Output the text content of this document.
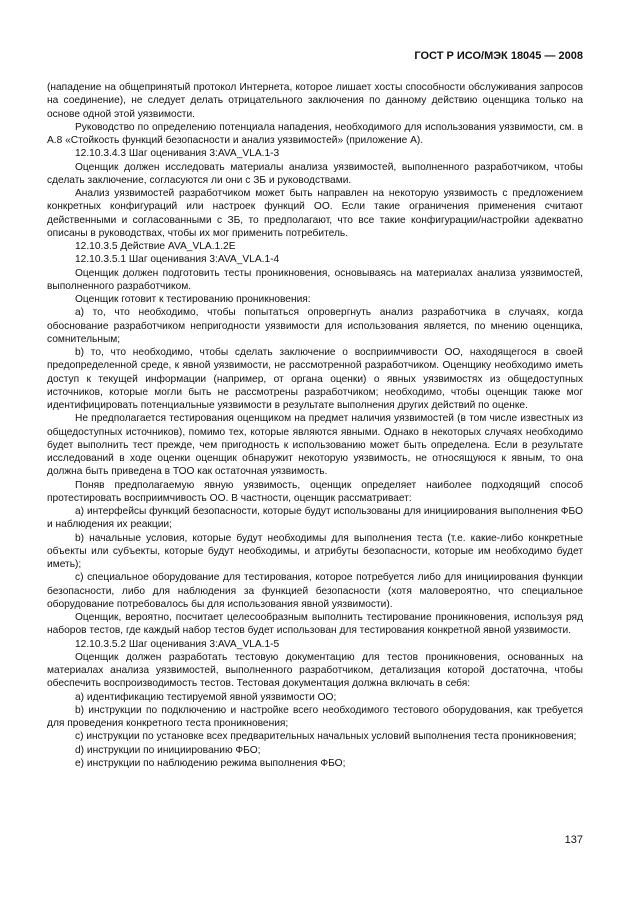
ГОСТ Р ИСО/МЭК 18045 — 2008

(нападение на общепринятый протокол Интернета, которое лишает хосты способности обслуживания запросов на соединение), не следует делать отрицательного заключения по данному действию оценщика только на основе одной этой уязвимости.

Руководство по определению потенциала нападения, необходимого для использования уязвимости, см. в А.8 «Стойкость функций безопасности и анализ уязвимостей» (приложение А).

12.10.3.4.3 Шаг оценивания 3:AVA_VLA.1-3

Оценщик должен исследовать материалы анализа уязвимостей, выполненного разработчиком, чтобы сделать заключение, согласуются ли они с ЗБ и руководствами.

Анализ уязвимостей разработчиком может быть направлен на некоторую уязвимость с предложением конкретных конфигураций или настроек функций ОО. Если такие ограничения применения считают действенными и согласованными с ЗБ, то предполагают, что все такие конфигурации/настройки адекватно описаны в руководствах, чтобы их мог применить потребитель.

12.10.3.5 Действие AVA_VLA.1.2E

12.10.3.5.1 Шаг оценивания 3:AVA_VLA.1-4

Оценщик должен подготовить тесты проникновения, основываясь на материалах анализа уязвимостей, выполненного разработчиком.

Оценщик готовит к тестированию проникновения:

a) то, что необходимо, чтобы попытаться опровергнуть анализ разработчика в случаях, когда обоснование разработчиком непригодности уязвимости для использования является, по мнению оценщика, сомнительным;

b) то, что необходимо, чтобы сделать заключение о восприимчивости ОО, находящегося в своей предопределенной среде, к явной уязвимости, не рассмотренной разработчиком. Оценщику необходимо иметь доступ к текущей информации (например, от органа оценки) о явных уязвимостях из общедоступных источников, которые могли быть не рассмотрены разработчиком; необходимо, чтобы оценщик также мог идентифицировать потенциальные уязвимости в результате выполнения других действий по оценке.

Не предполагается тестирования оценщиком на предмет наличия уязвимостей (в том числе известных из общедоступных источников), помимо тех, которые являются явными. Однако в некоторых случаях необходимо будет выполнить тест прежде, чем пригодность к использованию может быть определена. Если в результате исследований в ходе оценки оценщик обнаружит некоторую уязвимость, не относящуюся к явным, то она должна быть приведена в ТОО как остаточная уязвимость.

Поняв предполагаемую явную уязвимость, оценщик определяет наиболее подходящий способ протестировать восприимчивость ОО. В частности, оценщик рассматривает:

a) интерфейсы функций безопасности, которые будут использованы для инициирования выполнения ФБО и наблюдения их реакции;

b) начальные условия, которые будут необходимы для выполнения теста (т.е. какие-либо конкретные объекты или субъекты, которые будут необходимы, и атрибуты безопасности, которые им необходимо будет иметь);

c) специальное оборудование для тестирования, которое потребуется либо для инициирования функции безопасности, либо для наблюдения за функцией безопасности (хотя маловероятно, что специальное оборудование потребовалось бы для использования явной уязвимости).

Оценщик, вероятно, посчитает целесообразным выполнить тестирование проникновения, используя ряд наборов тестов, где каждый набор тестов будет использован для тестирования конкретной явной уязвимости.

12.10.3.5.2 Шаг оценивания 3:AVA_VLA.1-5

Оценщик должен разработать тестовую документацию для тестов проникновения, основанных на материалах анализа уязвимостей, выполненного разработчиком, детализация которой достаточна, чтобы обеспечить воспроизводимость тестов. Тестовая документация должна включать в себя:

a) идентификацию тестируемой явной уязвимости ОО;

b) инструкции по подключению и настройке всего необходимого тестового оборудования, как требуется для проведения конкретного теста проникновения;

c) инструкции по установке всех предварительных начальных условий выполнения теста проникновения;

d) инструкции по инициированию ФБО;

e) инструкции по наблюдению режима выполнения ФБО;

137
